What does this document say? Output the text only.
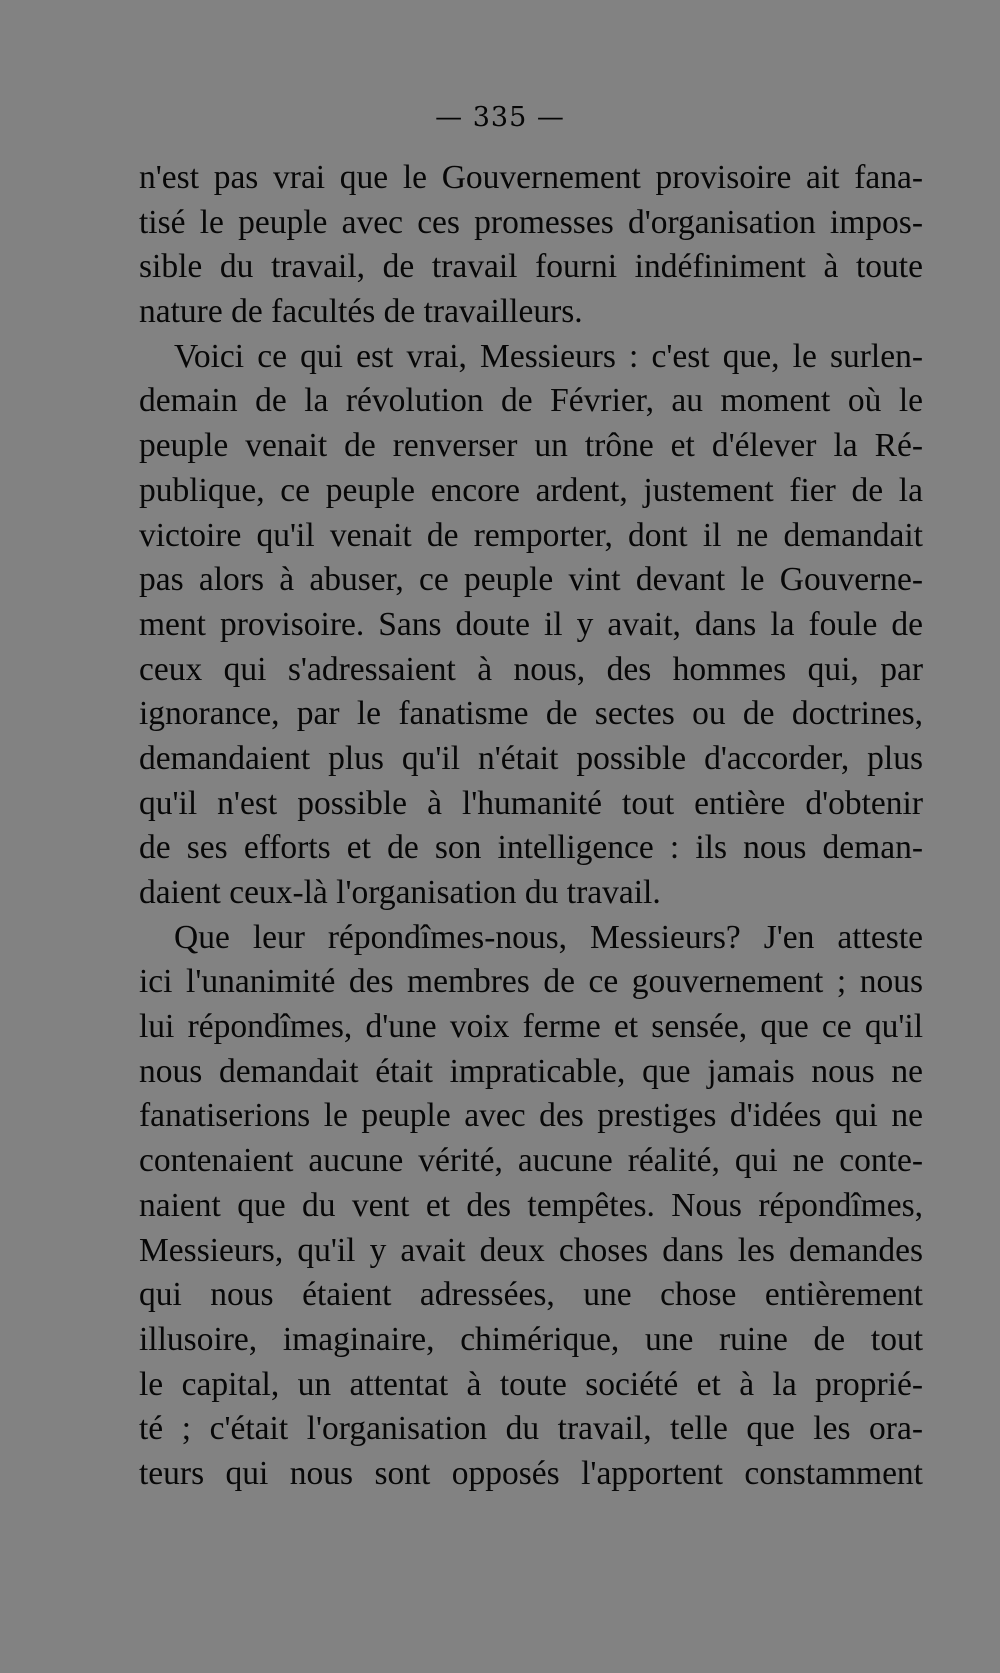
— 335 —
n'est pas vrai que le Gouvernement provisoire ait fana-
tisé le peuple avec ces promesses d'organisation impos-
sible du travail, de travail fourni indéfiniment à toute
nature de facultés de travailleurs.
Voici ce qui est vrai, Messieurs : c'est que, le surlen-
demain de la révolution de Février, au moment où le
peuple venait de renverser un trône et d'élever la Ré-
publique, ce peuple encore ardent, justement fier de la
victoire qu'il venait de remporter, dont il ne demandait
pas alors à abuser, ce peuple vint devant le Gouverne-
ment provisoire. Sans doute il y avait, dans la foule de
ceux qui s'adressaient à nous, des hommes qui, par
ignorance, par le fanatisme de sectes ou de doctrines,
demandaient plus qu'il n'était possible d'accorder, plus
qu'il n'est possible à l'humanité tout entière d'obtenir
de ses efforts et de son intelligence : ils nous deman-
daient ceux-là l'organisation du travail.
Que leur répondîmes-nous, Messieurs? J'en atteste
ici l'unanimité des membres de ce gouvernement ; nous
lui répondîmes, d'une voix ferme et sensée, que ce qu'il
nous demandait était impraticable, que jamais nous ne
fanatiserions le peuple avec des prestiges d'idées qui ne
contenaient aucune vérité, aucune réalité, qui ne conte-
naient que du vent et des tempêtes. Nous répondîmes,
Messieurs, qu'il y avait deux choses dans les demandes
qui nous étaient adressées, une chose entièrement
illusoire, imaginaire, chimérique, une ruine de tout
le capital, un attentat à toute société et à la proprié-
té ; c'était l'organisation du travail, telle que les ora-
teurs qui nous sont opposés l'apportent constamment
